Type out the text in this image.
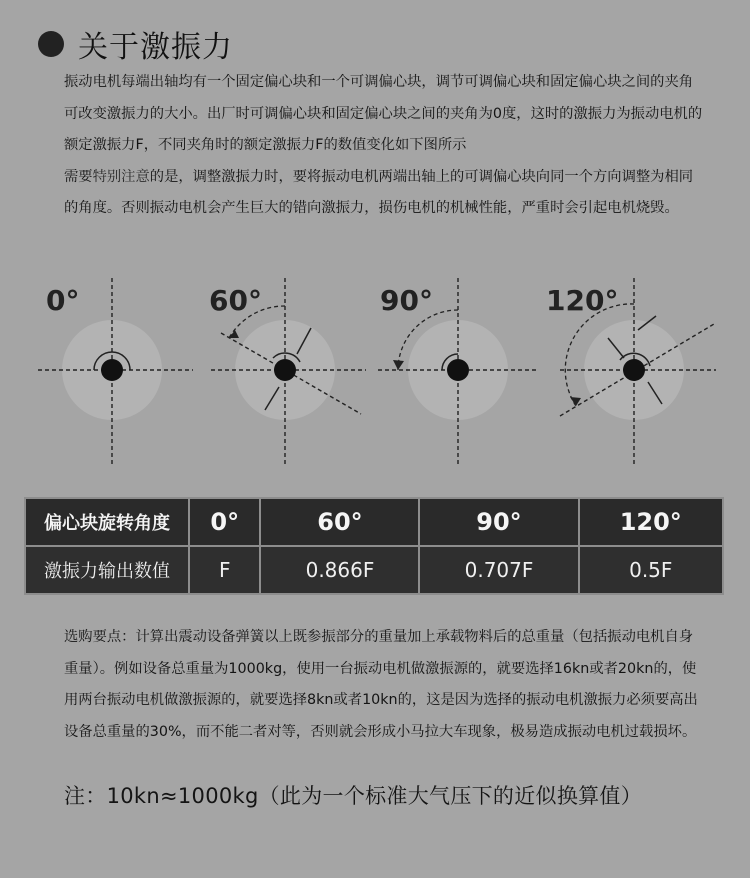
关于激振力
振动电机每端出轴均有一个固定偏心块和一个可调偏心块，调节可调偏心块和固定偏心块之间的夹角可改变激振力的大小。出厂时可调偏心块和固定偏心块之间的夹角为0度，这时的激振力为振动电机的额定激振力F，不同夹角时的额定激振力F的数值变化如下图所示
需要特别注意的是，调整激振力时，要将振动电机两端出轴上的可调偏心块向同一个方向调整为相同的角度。否则振动电机会产生巨大的错向激振力，损伤电机的机械性能，严重时会引起电机烧毁。
0°	60°	90°	120°
偏心块旋转角度	0°	60°	90°	120°
激振力输出数值	F	0.866F	0.707F	0.5F
选购要点：计算出震动设备弹簧以上既参振部分的重量加上承载物料后的总重量（包括振动电机自身重量）。例如设备总重量为1000kg，使用一台振动电机做激振源的，就要选择16kn或者20kn的，使用两台振动电机做激振源的，就要选择8kn或者10kn的，这是因为选择的振动电机激振力必须要高出设备总重量的30%，而不能二者对等，否则就会形成小马拉大车现象，极易造成振动电机过载损坏。
注：10kn≈1000kg（此为一个标准大气压下的近似换算值）
